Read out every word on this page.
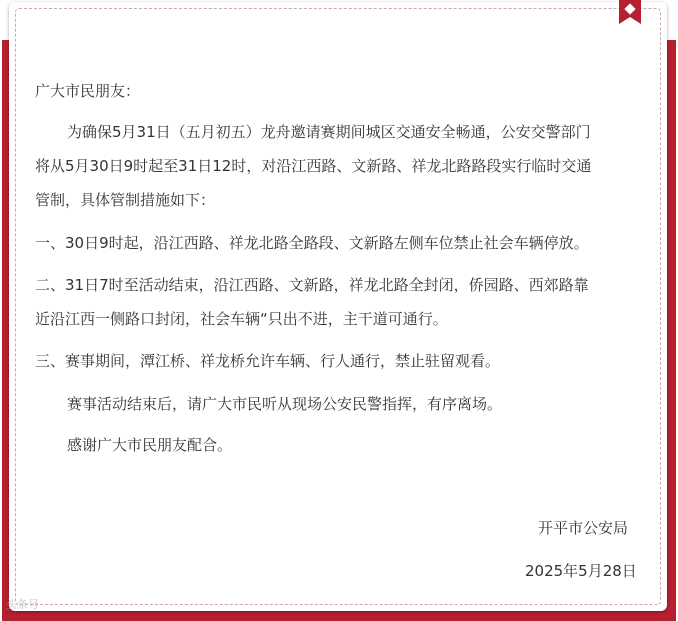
广大市民朋友：
为确保5月31日（五月初五）龙舟邀请赛期间城区交通安全畅通，公安交警部门
将从5月30日9时起至31日12时，对沿江西路、文新路、祥龙北路路段实行临时交通
管制，具体管制措施如下：
一、30日9时起，沿江西路、祥龙北路全路段、文新路左侧车位禁止社会车辆停放。
二、31日7时至活动结束，沿江西路、文新路，祥龙北路全封闭，侨园路、西郊路靠
近沿江西一侧路口封闭，社会车辆“只出不进，主干道可通行。
三、赛事期间，潭江桥、祥龙桥允许车辆、行人通行，禁止驻留观看。
赛事活动结束后，请广大市民听从现场公安民警指挥，有序离场。
感谢广大市民朋友配合。
开平市公安局
2025年5月28日
头条号
